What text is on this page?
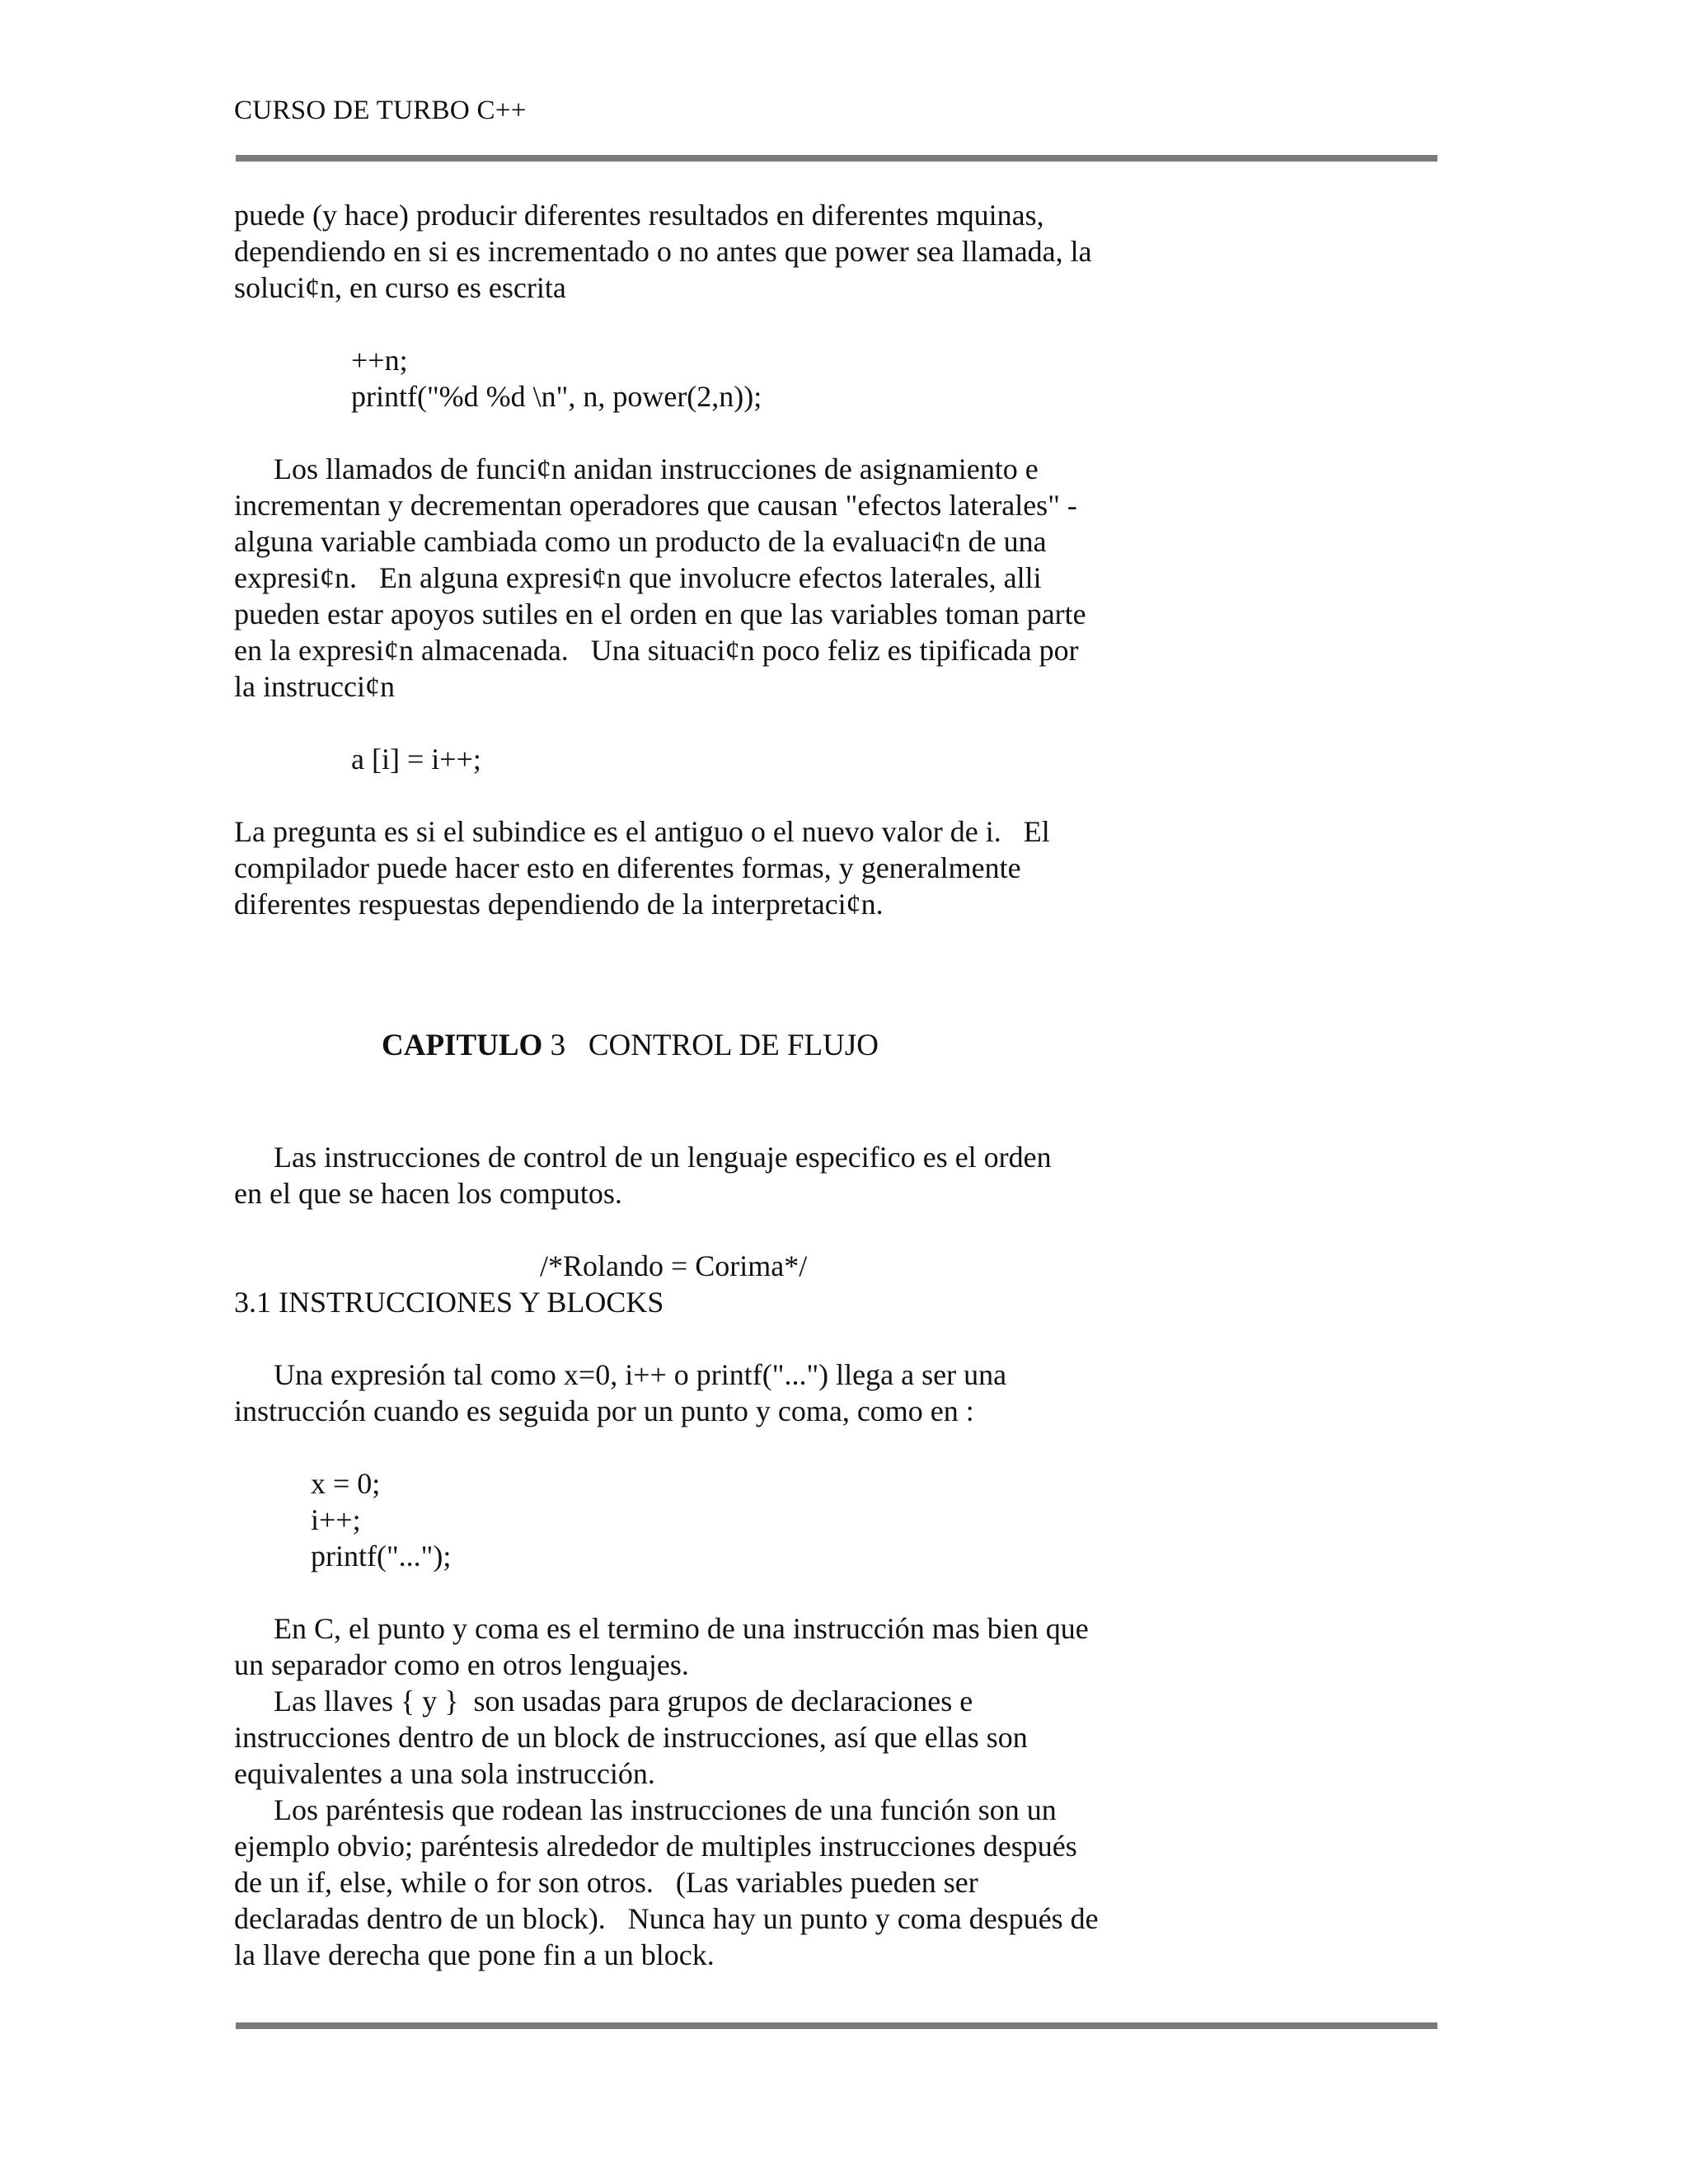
CURSO DE TURBO C++
puede (y hace) producir diferentes resultados en diferentes mquinas,
dependiendo en si es incrementado o no antes que power sea llamada, la
soluci¢n, en curso es escrita
++n;
printf("%d %d \n", n, power(2,n));
Los llamados de funci¢n anidan instrucciones de asignamiento e
incrementan y decrementan operadores que causan "efectos laterales" -
alguna variable cambiada como un producto de la evaluaci¢n de una
expresi¢n.   En alguna expresi¢n que involucre efectos laterales, alli
pueden estar apoyos sutiles en el orden en que las variables toman parte
en la expresi¢n almacenada.   Una situaci¢n poco feliz es tipificada por
la instrucci¢n
a [i] = i++;
La pregunta es si el subindice es el antiguo o el nuevo valor de i.   El
compilador puede hacer esto en diferentes formas, y generalmente
diferentes respuestas dependiendo de la interpretaci¢n.
CAPITULO 3   CONTROL DE FLUJO
Las instrucciones de control de un lenguaje especifico es el orden
en el que se hacen los computos.
/*Rolando = Corima*/
3.1 INSTRUCCIONES Y BLOCKS
Una expresión tal como x=0, i++ o printf("...") llega a ser una
instrucción cuando es seguida por un punto y coma, como en :
x = 0;
i++;
printf("...");
En C, el punto y coma es el termino de una instrucción mas bien que
un separador como en otros lenguajes.
Las llaves { y }  son usadas para grupos de declaraciones e
instrucciones dentro de un block de instrucciones, así que ellas son
equivalentes a una sola instrucción.
Los paréntesis que rodean las instrucciones de una función son un
ejemplo obvio; paréntesis alrededor de multiples instrucciones después
de un if, else, while o for son otros.   (Las variables pueden ser
declaradas dentro de un block).   Nunca hay un punto y coma después de
la llave derecha que pone fin a un block.
